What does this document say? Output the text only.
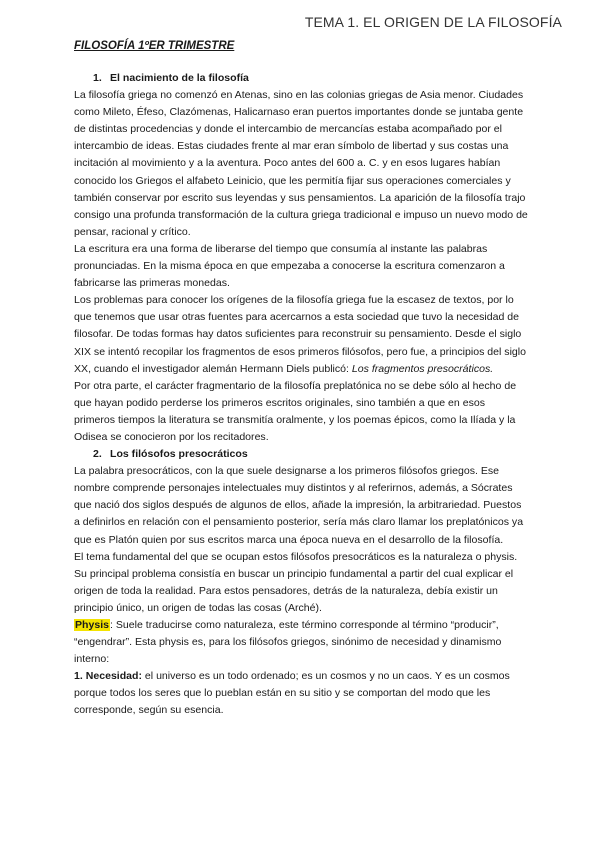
TEMA 1. EL ORIGEN DE LA FILOSOFÍA
FILOSOFÍA 1ºER TRIMESTRE

1. El nacimiento de la filosofía

La filosofía griega no comenzó en Atenas, sino en las colonias griegas de Asia menor. Ciudades como Mileto, Éfeso, Clazómenas, Halicarnaso eran puertos importantes donde se juntaba gente de distintas procedencias y donde el intercambio de mercancías estaba acompañado por el intercambio de ideas. Estas ciudades frente al mar eran símbolo de libertad y sus costas una incitación al movimiento y a la aventura. Poco antes del 600 a. C. y en esos lugares habían conocido los Griegos el alfabeto Leinicio, que les permitía fijar sus operaciones comerciales y también conservar por escrito sus leyendas y sus pensamientos. La aparición de la filosofía trajo consigo una profunda transformación de la cultura griega tradicional e impuso un nuevo modo de pensar, racional y crítico.

La escritura era una forma de liberarse del tiempo que consumía al instante las palabras pronunciadas. En la misma época en que empezaba a conocerse la escritura comenzaron a fabricarse las primeras monedas.

Los problemas para conocer los orígenes de la filosofía griega fue la escasez de textos, por lo que tenemos que usar otras fuentes para acercarnos a esta sociedad que tuvo la necesidad de filosofar. De todas formas hay datos suficientes para reconstruir su pensamiento. Desde el siglo XIX se intentó recopilar los fragmentos de esos primeros filósofos, pero fue, a principios del siglo XX, cuando el investigador alemán Hermann Diels publicó: Los fragmentos presocráticos.

Por otra parte, el carácter fragmentario de la filosofía preplatónica no se debe sólo al hecho de que hayan podido perderse los primeros escritos originales, sino también a que en esos primeros tiempos la literatura se transmitía oralmente, y los poemas épicos, como la Ilíada y la Odisea se conocieron por los recitadores.

2. Los filósofos presocráticos

La palabra presocráticos, con la que suele designarse a los primeros filósofos griegos. Ese nombre comprende personajes intelectuales muy distintos y al referirnos, además, a Sócrates que nació dos siglos después de algunos de ellos, añade la impresión, la arbitrariedad. Puestos a definirlos en relación con el pensamiento posterior, sería más claro llamar los preplatónicos ya que es Platón quien por sus escritos marca una época nueva en el desarrollo de la filosofía.

El tema fundamental del que se ocupan estos filósofos presocráticos es la naturaleza o physis. Su principal problema consistía en buscar un principio fundamental a partir del cual explicar el origen de toda la realidad. Para estos pensadores, detrás de la naturaleza, debía existir un principio único, un origen de todas las cosas (Arché).

Physis: Suele traducirse como naturaleza, este término corresponde al término “producir”, “engendrar”. Esta physis es, para los filósofos griegos, sinónimo de necesidad y dinamismo interno:

1. Necesidad: el universo es un todo ordenado; es un cosmos y no un caos. Y es un cosmos porque todos los seres que lo pueblan están en su sitio y se comportan del modo que les corresponde, según su esencia.
